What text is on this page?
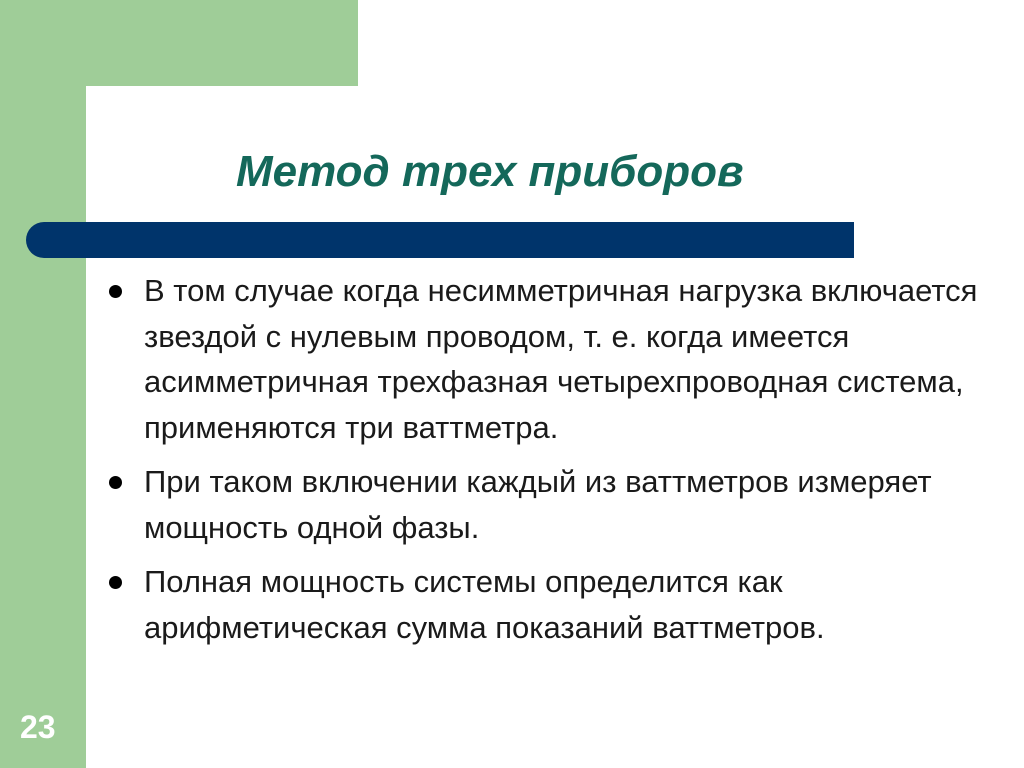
Метод трех приборов
В том случае когда несимметричная нагрузка включается звездой с нулевым проводом, т. е. когда имеется асимметричная трехфазная четырехпроводная система, применяются три ваттметра.
При таком включении каждый из ваттметров измеряет мощность одной фазы.
Полная мощность системы определится как арифметическая сумма показаний ваттметров.
23
